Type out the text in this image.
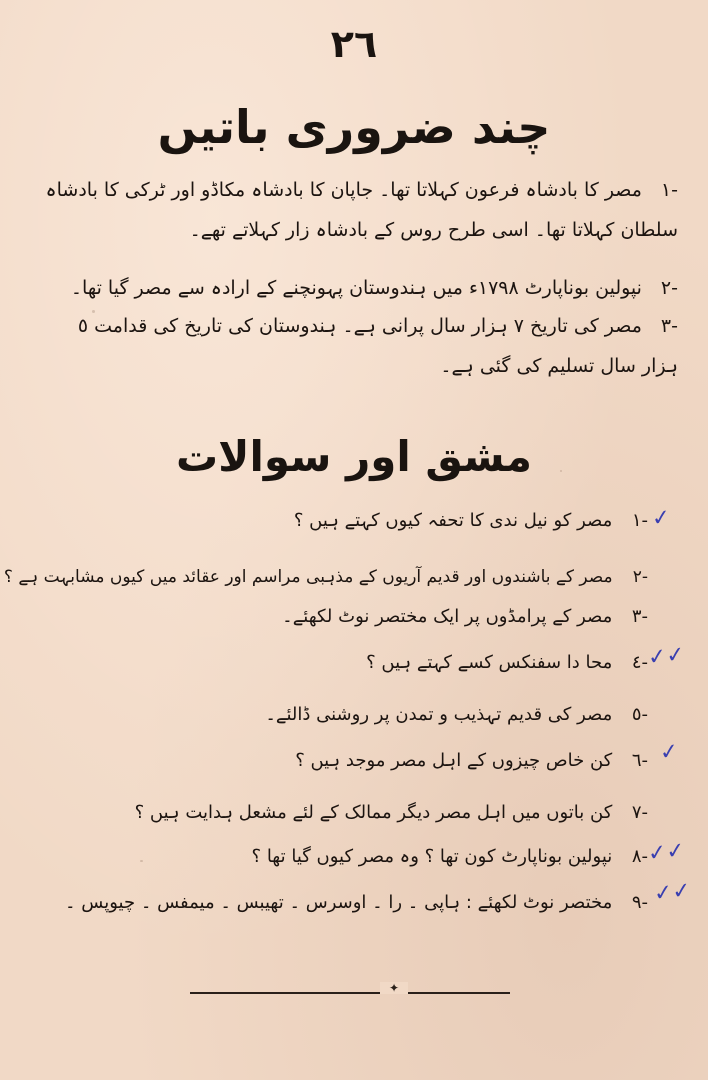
٢٦
چند ضروری باتیں
-١ مصر کا بادشاہ فرعون کہلاتا تھا۔ جاپان کا بادشاہ مکاڈو اور ٹرکی کا بادشاہ سلطان کہلاتا تھا۔ اسی طرح روس کے بادشاہ زار کہلاتے تھے۔
-٢ نپولین بوناپارٹ ١٧٩٨ء میں ہندوستان پہونچنے کے ارادہ سے مصر گیا تھا۔
-٣ مصر کی تاریخ ٧ ہزار سال پرانی ہے۔ ہندوستان کی تاریخ کی قدامت ٥ ہزار سال تسلیم کی گئی ہے۔
مشق اور سوالات
-١ مصر کو نیل ندی کا تحفہ کیوں کہتے ہیں ؟	✓
-٢ مصر کے باشندوں اور قدیم آریوں کے مذہبی مراسم اور عقائد میں کیوں مشابہت ہے ؟
-٣ مصر کے پرامڈوں پر ایک مختصر نوٹ لکھئے۔
-٤ محا دا سفنکس کسے کہتے ہیں ؟	✓✓
-٥ مصر کی قدیم تہذیب و تمدن پر روشنی ڈالئے۔
-٦ کن خاص چیزوں کے اہل مصر موجد ہیں ؟	✓
-٧ کن باتوں میں اہل مصر دیگر ممالک کے لئے مشعل ہدایت ہیں ؟
-٨ نپولین بوناپارٹ کون تھا ؟ وہ مصر کیوں گیا تھا ؟	✓✓
-٩ مختصر نوٹ لکھئے : ہاپی ۔ را ۔ اوسرس ۔ تھیبس ۔ میمفس ۔ چیوپس ۔	✓✓
✦
